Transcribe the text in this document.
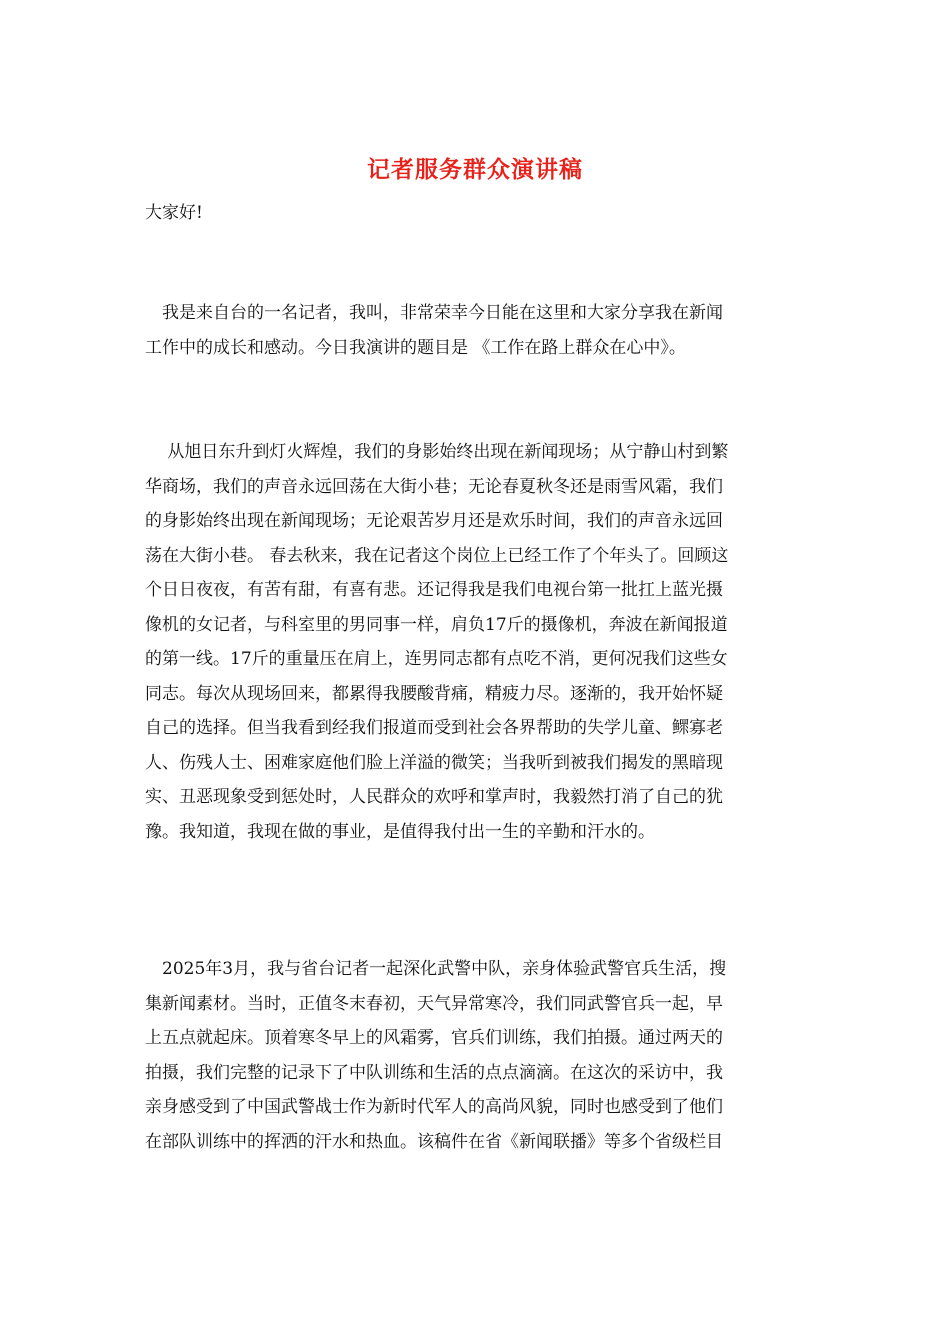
记者服务群众演讲稿
大家好!
　我是来自台的一名记者，我叫，非常荣幸今日能在这里和大家分享我在新闻
工作中的成长和感动。今日我演讲的题目是 《工作在路上群众在心中》。
　 从旭日东升到灯火辉煌，我们的身影始终出现在新闻现场；从宁静山村到繁
华商场，我们的声音永远回荡在大街小巷；无论春夏秋冬还是雨雪风霜，我们
的身影始终出现在新闻现场；无论艰苦岁月还是欢乐时间，我们的声音永远回
荡在大街小巷。 春去秋来，我在记者这个岗位上已经工作了个年头了。回顾这
个日日夜夜，有苦有甜，有喜有悲。还记得我是我们电视台第一批扛上蓝光摄
像机的女记者，与科室里的男同事一样，肩负17斤的摄像机，奔波在新闻报道
的第一线。17斤的重量压在肩上，连男同志都有点吃不消，更何况我们这些女
同志。每次从现场回来，都累得我腰酸背痛，精疲力尽。逐渐的，我开始怀疑
自己的选择。但当我看到经我们报道而受到社会各界帮助的失学儿童、鳏寡老
人、伤残人士、困难家庭他们脸上洋溢的微笑；当我听到被我们揭发的黑暗现
实、丑恶现象受到惩处时，人民群众的欢呼和掌声时，我毅然打消了自己的犹
豫。我知道，我现在做的事业，是值得我付出一生的辛勤和汗水的。
　2025年3月，我与省台记者一起深化武警中队，亲身体验武警官兵生活，搜
集新闻素材。当时，正值冬末春初，天气异常寒冷，我们同武警官兵一起，早
上五点就起床。顶着寒冬早上的风霜雾，官兵们训练，我们拍摄。通过两天的
拍摄，我们完整的记录下了中队训练和生活的点点滴滴。在这次的采访中，我
亲身感受到了中国武警战士作为新时代军人的高尚风貌，同时也感受到了他们
在部队训练中的挥洒的汗水和热血。该稿件在省《新闻联播》等多个省级栏目
